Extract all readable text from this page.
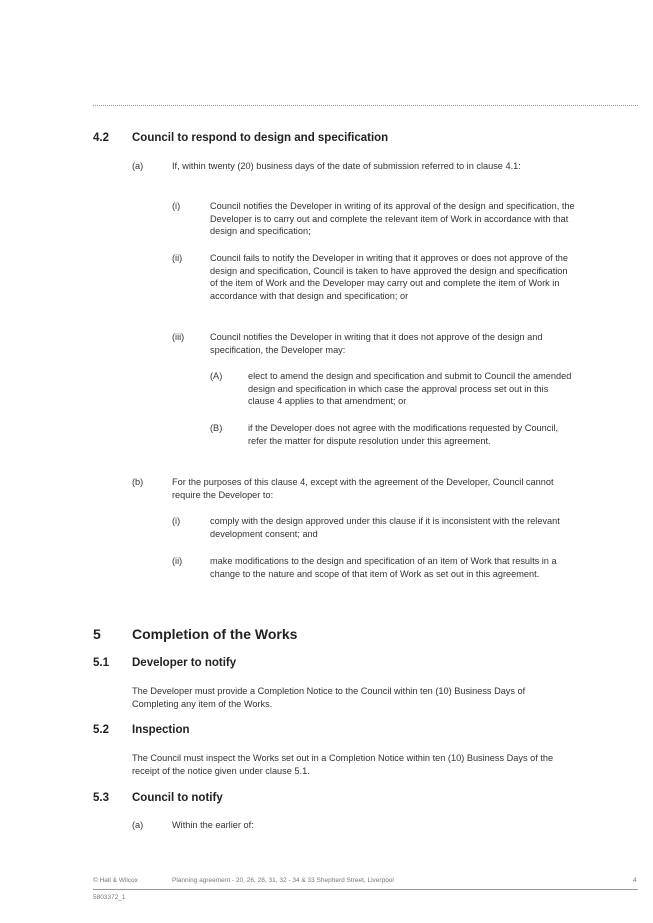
4.2 Council to respond to design and specification
(a)	If, within twenty (20) business days of the date of submission referred to in clause 4.1:
(i)	Council notifies the Developer in writing of its approval of the design and specification, the Developer is to carry out and complete the relevant item of Work in accordance with that design and specification;
(ii)	Council fails to notify the Developer in writing that it approves or does not approve of the design and specification, Council is taken to have approved the design and specification of the item of Work and the Developer may carry out and complete the item of Work in accordance with that design and specification; or
(iii)	Council notifies the Developer in writing that it does not approve of the design and specification, the Developer may:
(A)	elect to amend the design and specification and submit to Council the amended design and specification in which case the approval process set out in this clause 4 applies to that amendment; or
(B)	if the Developer does not agree with the modifications requested by Council, refer the matter for dispute resolution under this agreement.
(b)	For the purposes of this clause 4, except with the agreement of the Developer, Council cannot require the Developer to:
(i)	comply with the design approved under this clause if it is inconsistent with the relevant development consent; and
(ii)	make modifications to the design and specification of an item of Work that results in a change to the nature and scope of that item of Work as set out in this agreement.
5 Completion of the Works
5.1 Developer to notify
The Developer must provide a Completion Notice to the Council within ten (10) Business Days of Completing any item of the Works.
5.2 Inspection
The Council must inspect the Works set out in a Completion Notice within ten (10) Business Days of the receipt of the notice given under clause 5.1.
5.3 Council to notify
(a)	Within the earlier of:
© Hall & Wilcox	Planning agreement - 20, 26, 28, 31, 32 - 34 & 33 Shepherd Street, Liverpool	4
5803372_1
